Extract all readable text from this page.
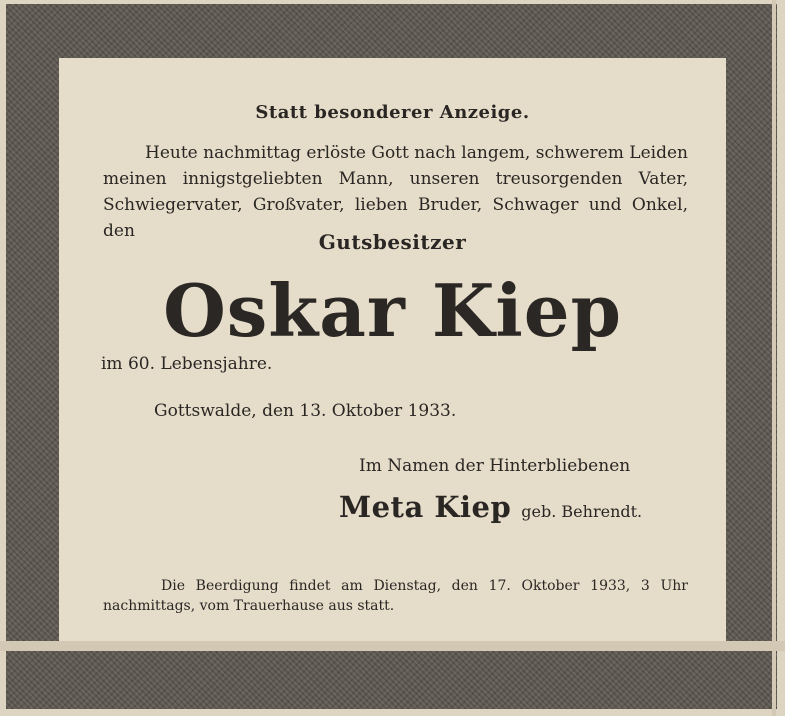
Statt besonderer Anzeige.

Heute nachmittag erlöste Gott nach langem, schwerem Leiden meinen innigstgeliebten Mann, unseren treusorgenden Vater, Schwiegervater, Großvater, lieben Bruder, Schwager und Onkel, den	Gutsbesitzer
Oskar Kiep
im 60. Lebensjahre.
Gottswalde, den 13. Oktober 1933.
Im Namen der Hinterbliebenen
Meta Kiep geb. Behrendt.

Die Beerdigung findet am Dienstag, den 17. Oktober 1933, 3 Uhr nachmittags, vom Trauerhause aus statt.
